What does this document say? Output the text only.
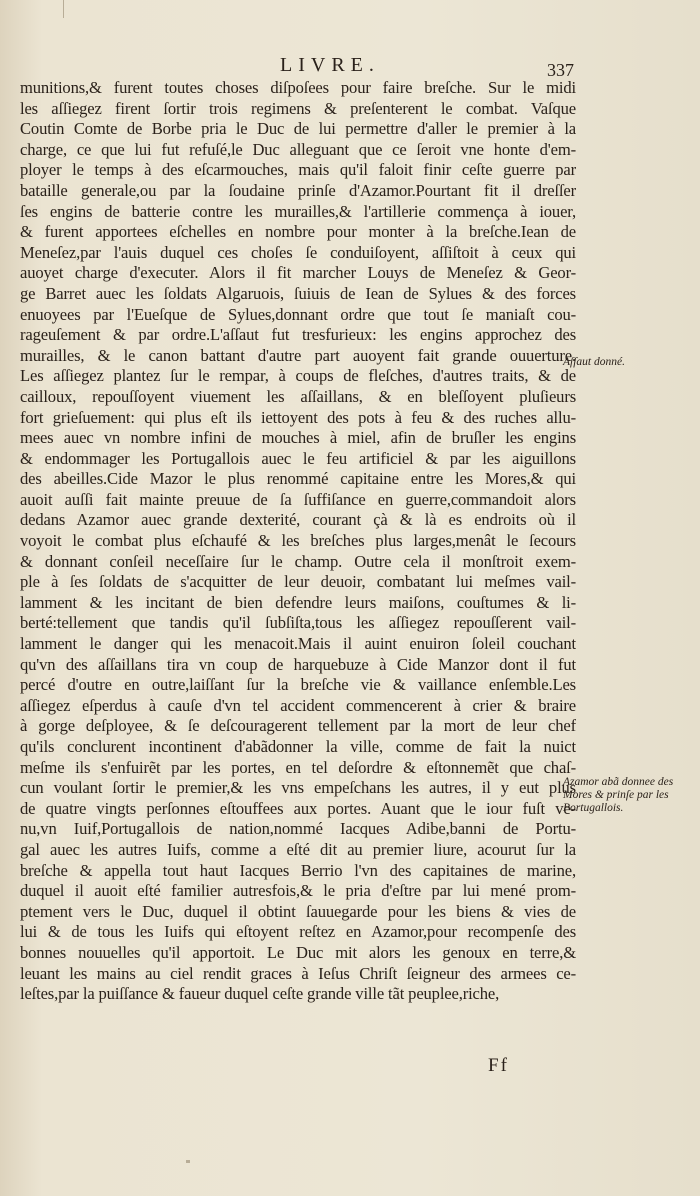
LIVRE.	337
munitions,& furent toutes choses diſpoſees pour faire breſche. Sur le midi
les aſſiegez firent ſortir trois regimens & preſenterent le combat. Vaſque
Coutin Comte de Borbe pria le Duc de lui permettre d'aller le premier à la
charge, ce que lui fut refuſé,le Duc alleguant que ce ſeroit vne honte d'em-
ployer le temps à des eſcarmouches, mais qu'il faloit finir ceſte guerre par
bataille generale,ou par la ſoudaine prinſe d'Azamor.Pourtant fit il dreſſer
ſes engins de batterie contre les murailles,& l'artillerie commença à iouer,
& furent apportees eſchelles en nombre pour monter à la breſche.Iean de
Meneſez,par l'auis duquel ces choſes ſe conduiſoyent, aſſiſtoit à ceux qui
auoyet charge d'executer. Alors il fit marcher Louys de Meneſez & Geor-
ge Barret auec les ſoldats Algaruois, ſuiuis de Iean de Sylues & des forces
enuoyees par l'Eueſque de Sylues,donnant ordre que tout ſe maniaſt cou-
rageuſement & par ordre.L'aſſaut fut tresfurieux: les engins approchez des
murailles, & le canon battant d'autre part auoyent fait grande ouuerture.
Les aſſiegez plantez ſur le rempar, à coups de fleſches, d'autres traits, & de
cailloux, repouſſoyent viuement les aſſaillans, & en bleſſoyent pluſieurs
fort grieſuement: qui plus eſt ils iettoyent des pots à feu & des ruches allu-
mees auec vn nombre infini de mouches à miel, afin de bruſler les engins
& endommager les Portugallois auec le feu artificiel & par les aiguillons
des abeilles.Cide Mazor le plus renommé capitaine entre les Mores,& qui
auoit auſſi fait mainte preuue de ſa ſuffiſance en guerre,commandoit alors
dedans Azamor auec grande dexterité, courant çà & là es endroits où il
voyoit le combat plus eſchaufé & les breſches plus larges,menât le ſecours
& donnant conſeil neceſſaire ſur le champ. Outre cela il monſtroit exem-
ple à ſes ſoldats de s'acquitter de leur deuoir, combatant lui meſmes vail-
lamment & les incitant de bien defendre leurs maiſons, couſtumes & li-
berté:tellement que tandis qu'il ſubſiſta,tous les aſſiegez repouſſerent vail-
lamment le danger qui les menacoit.Mais il auint enuiron ſoleil couchant
qu'vn des aſſaillans tira vn coup de harquebuze à Cide Manzor dont il fut
percé d'outre en outre,laiſſant ſur la breſche vie & vaillance enſemble.Les
aſſiegez eſperdus à cauſe d'vn tel accident commencerent à crier & braire
à gorge deſployee, & ſe deſcouragerent tellement par la mort de leur chef
qu'ils conclurent incontinent d'abãdonner la ville, comme de fait la nuict
meſme ils s'enfuirẽt par les portes, en tel deſordre & eſtonnemẽt que chaſ-
cun voulant ſortir le premier,& les vns empeſchans les autres, il y eut plus
de quatre vingts perſonnes eſtouffees aux portes. Auant que le iour fuſt ve-
nu,vn Iuif,Portugallois de nation,nommé Iacques Adibe,banni de Portu-
gal auec les autres Iuifs, comme a eſté dit au premier liure, acourut ſur la
breſche & appella tout haut Iacques Berrio l'vn des capitaines de marine,
duquel il auoit eſté familier autresfois,& le pria d'eſtre par lui mené prom-
ptement vers le Duc, duquel il obtint ſauuegarde pour les biens & vies de
lui & de tous les Iuifs qui eſtoyent reſtez en Azamor,pour recompenſe des
bonnes nouuelles qu'il apportoit. Le Duc mit alors les genoux en terre,&
leuant les mains au ciel rendit graces à Ieſus Chriſt ſeigneur des armees ce-
leſtes,par la puiſſance & faueur duquel ceſte grande ville tãt peuplee,riche,
Aſſaut donné.
Azamor abã donnee des Mores & prinſe par les Portugallois.
Ff
